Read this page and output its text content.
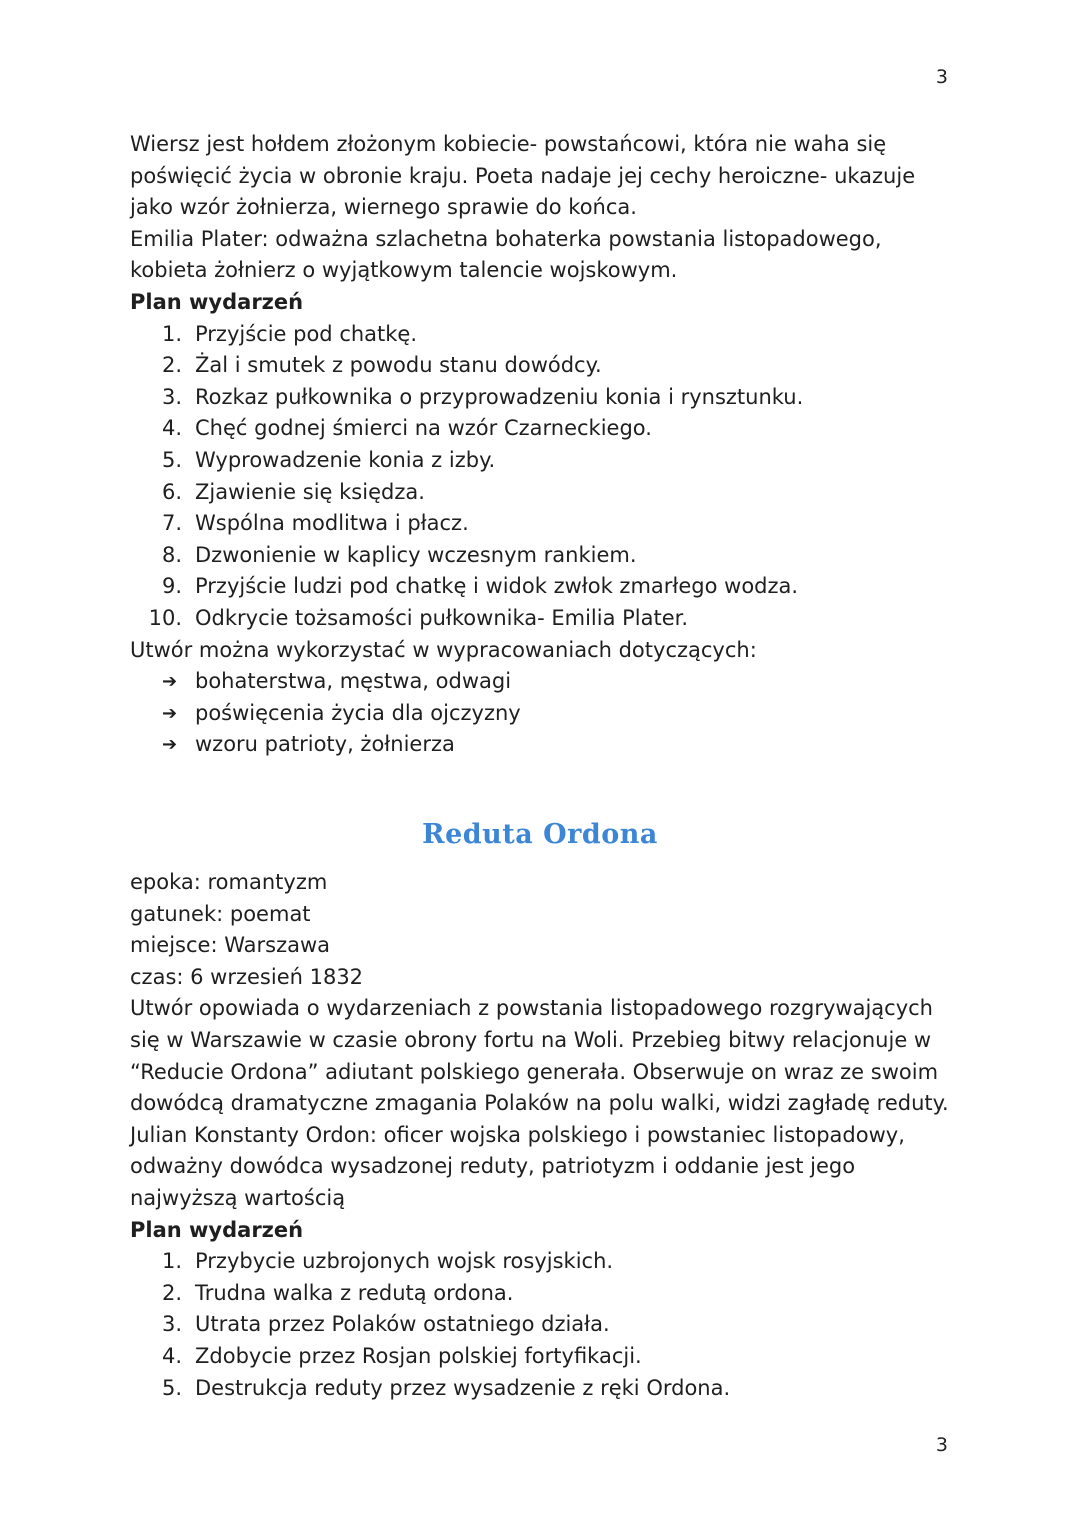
3

Wiersz jest hołdem złożonym kobiecie- powstańcowi, która nie waha się poświęcić życia w obronie kraju. Poeta nadaje jej cechy heroiczne- ukazuje jako wzór żołnierza, wiernego sprawie do końca.

Emilia Plater: odważna szlachetna bohaterka powstania listopadowego, kobieta żołnierz o wyjątkowym talencie wojskowym.

Plan wydarzeń

1. Przyjście pod chatkę.
2. Żal i smutek z powodu stanu dowódcy.
3. Rozkaz pułkownika o przyprowadzeniu konia i rynsztunku.
4. Chęć godnej śmierci na wzór Czarneckiego.
5. Wyprowadzenie konia z izby.
6. Zjawienie się księdza.
7. Wspólna modlitwa i płacz.
8. Dzwonienie w kaplicy wczesnym rankiem.
9. Przyjście ludzi pod chatkę i widok zwłok zmarłego wodza.
10. Odkrycie tożsamości pułkownika- Emilia Plater.

Utwór można wykorzystać w wypracowaniach dotyczących:

➔ bohaterstwa, męstwa, odwagi
➔ poświęcenia życia dla ojczyzny
➔ wzoru patrioty, żołnierza
Reduta Ordona

epoka: romantyzm

gatunek: poemat

miejsce: Warszawa

czas: 6 wrzesień 1832

Utwór opowiada o wydarzeniach z powstania listopadowego rozgrywających się w Warszawie w czasie obrony fortu na Woli. Przebieg bitwy relacjonuje w “Reducie Ordona” adiutant polskiego generała. Obserwuje on wraz ze swoim dowódcą dramatyczne zmagania Polaków na polu walki, widzi zagładę reduty.

Julian Konstanty Ordon: oficer wojska polskiego i powstaniec listopadowy, odważny dowódca wysadzonej reduty, patriotyzm i oddanie jest jego najwyższą wartością

Plan wydarzeń

1. Przybycie uzbrojonych wojsk rosyjskich.
2. Trudna walka z redutą ordona.
3. Utrata przez Polaków ostatniego działa.
4. Zdobycie przez Rosjan polskiej fortyfikacji.
5. Destrukcja reduty przez wysadzenie z ręki Ordona.
3
